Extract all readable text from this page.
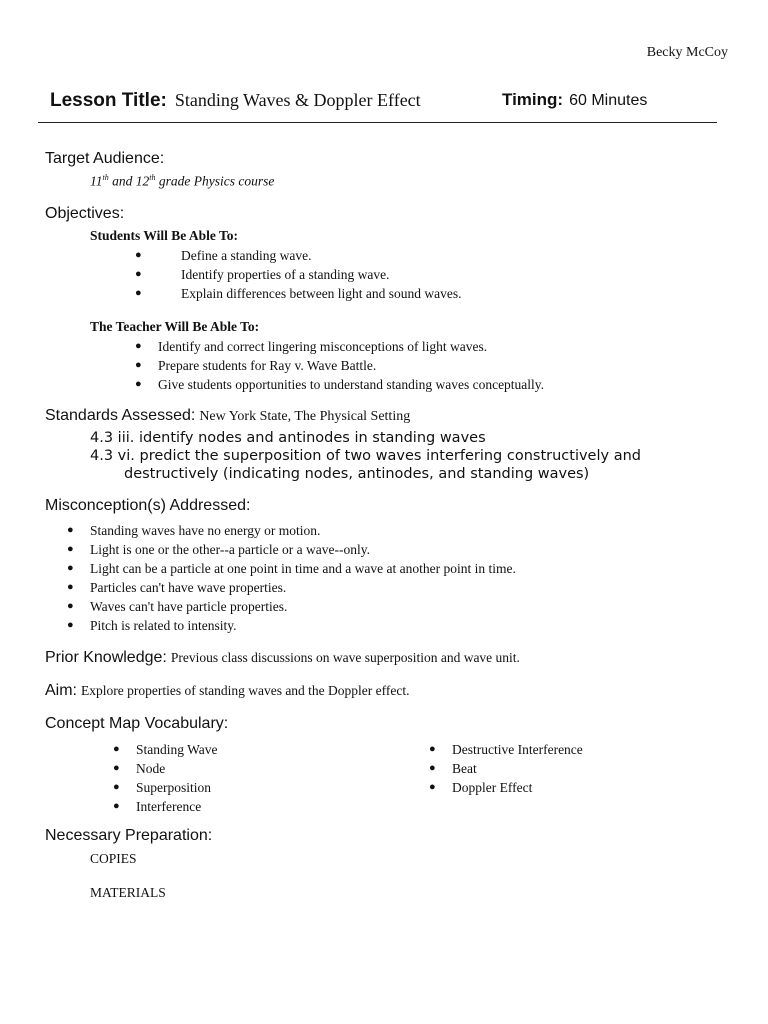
Becky McCoy
Lesson Title: Standing Waves & Doppler Effect	Timing: 60 Minutes
Target Audience:
11th and 12th grade Physics course
Objectives:
Students Will Be Able To:
●	Define a standing wave.
●	Identify properties of a standing wave.
●	Explain differences between light and sound waves.
The Teacher Will Be Able To:
● Identify and correct lingering misconceptions of light waves.
● Prepare students for Ray v. Wave Battle.
● Give students opportunities to understand standing waves conceptually.
Standards Assessed: New York State, The Physical Setting
4.3 iii. identify nodes and antinodes in standing waves
4.3 vi. predict the superposition of two waves interfering constructively and
destructively (indicating nodes, antinodes, and standing waves)
Misconception(s) Addressed:
● Standing waves have no energy or motion.
● Light is one or the other--a particle or a wave--only.
● Light can be a particle at one point in time and a wave at another point in time.
● Particles can't have wave properties.
● Waves can't have particle properties.
● Pitch is related to intensity.
Prior Knowledge: Previous class discussions on wave superposition and wave unit.
Aim: Explore properties of standing waves and the Doppler effect.
Concept Map Vocabulary:
● Standing Wave
● Node
● Superposition
● Interference
● Destructive Interference
● Beat
● Doppler Effect
Necessary Preparation:
COPIES
MATERIALS
